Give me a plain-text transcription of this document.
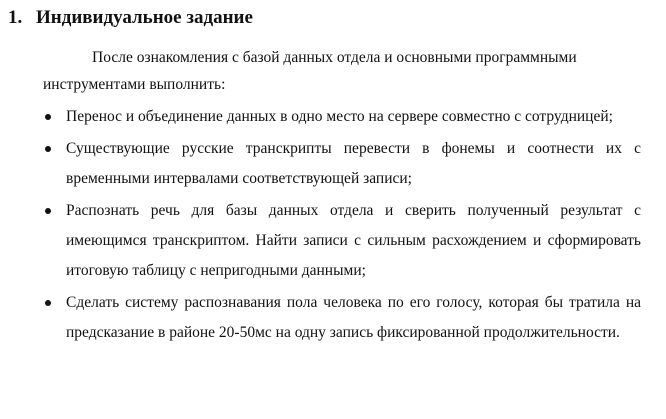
1. Индивидуальное задание

После ознакомления с базой данных отдела и основными программными
инструментами выполнить:

Перенос и объединение данных в одно место на сервере совместно с сотрудницей;
Существующие русские транскрипты перевести в фонемы и соотнести их с временными интервалами соответствующей записи;
Распознать речь для базы данных отдела и сверить полученный результат с имеющимся транскриптом. Найти записи с сильным расхождением и сформировать итоговую таблицу с непригодными данными;
Сделать систему распознавания пола человека по его голосу, которая бы тратила на предсказание в районе 20-50мс на одну запись фиксированной продолжительности.
